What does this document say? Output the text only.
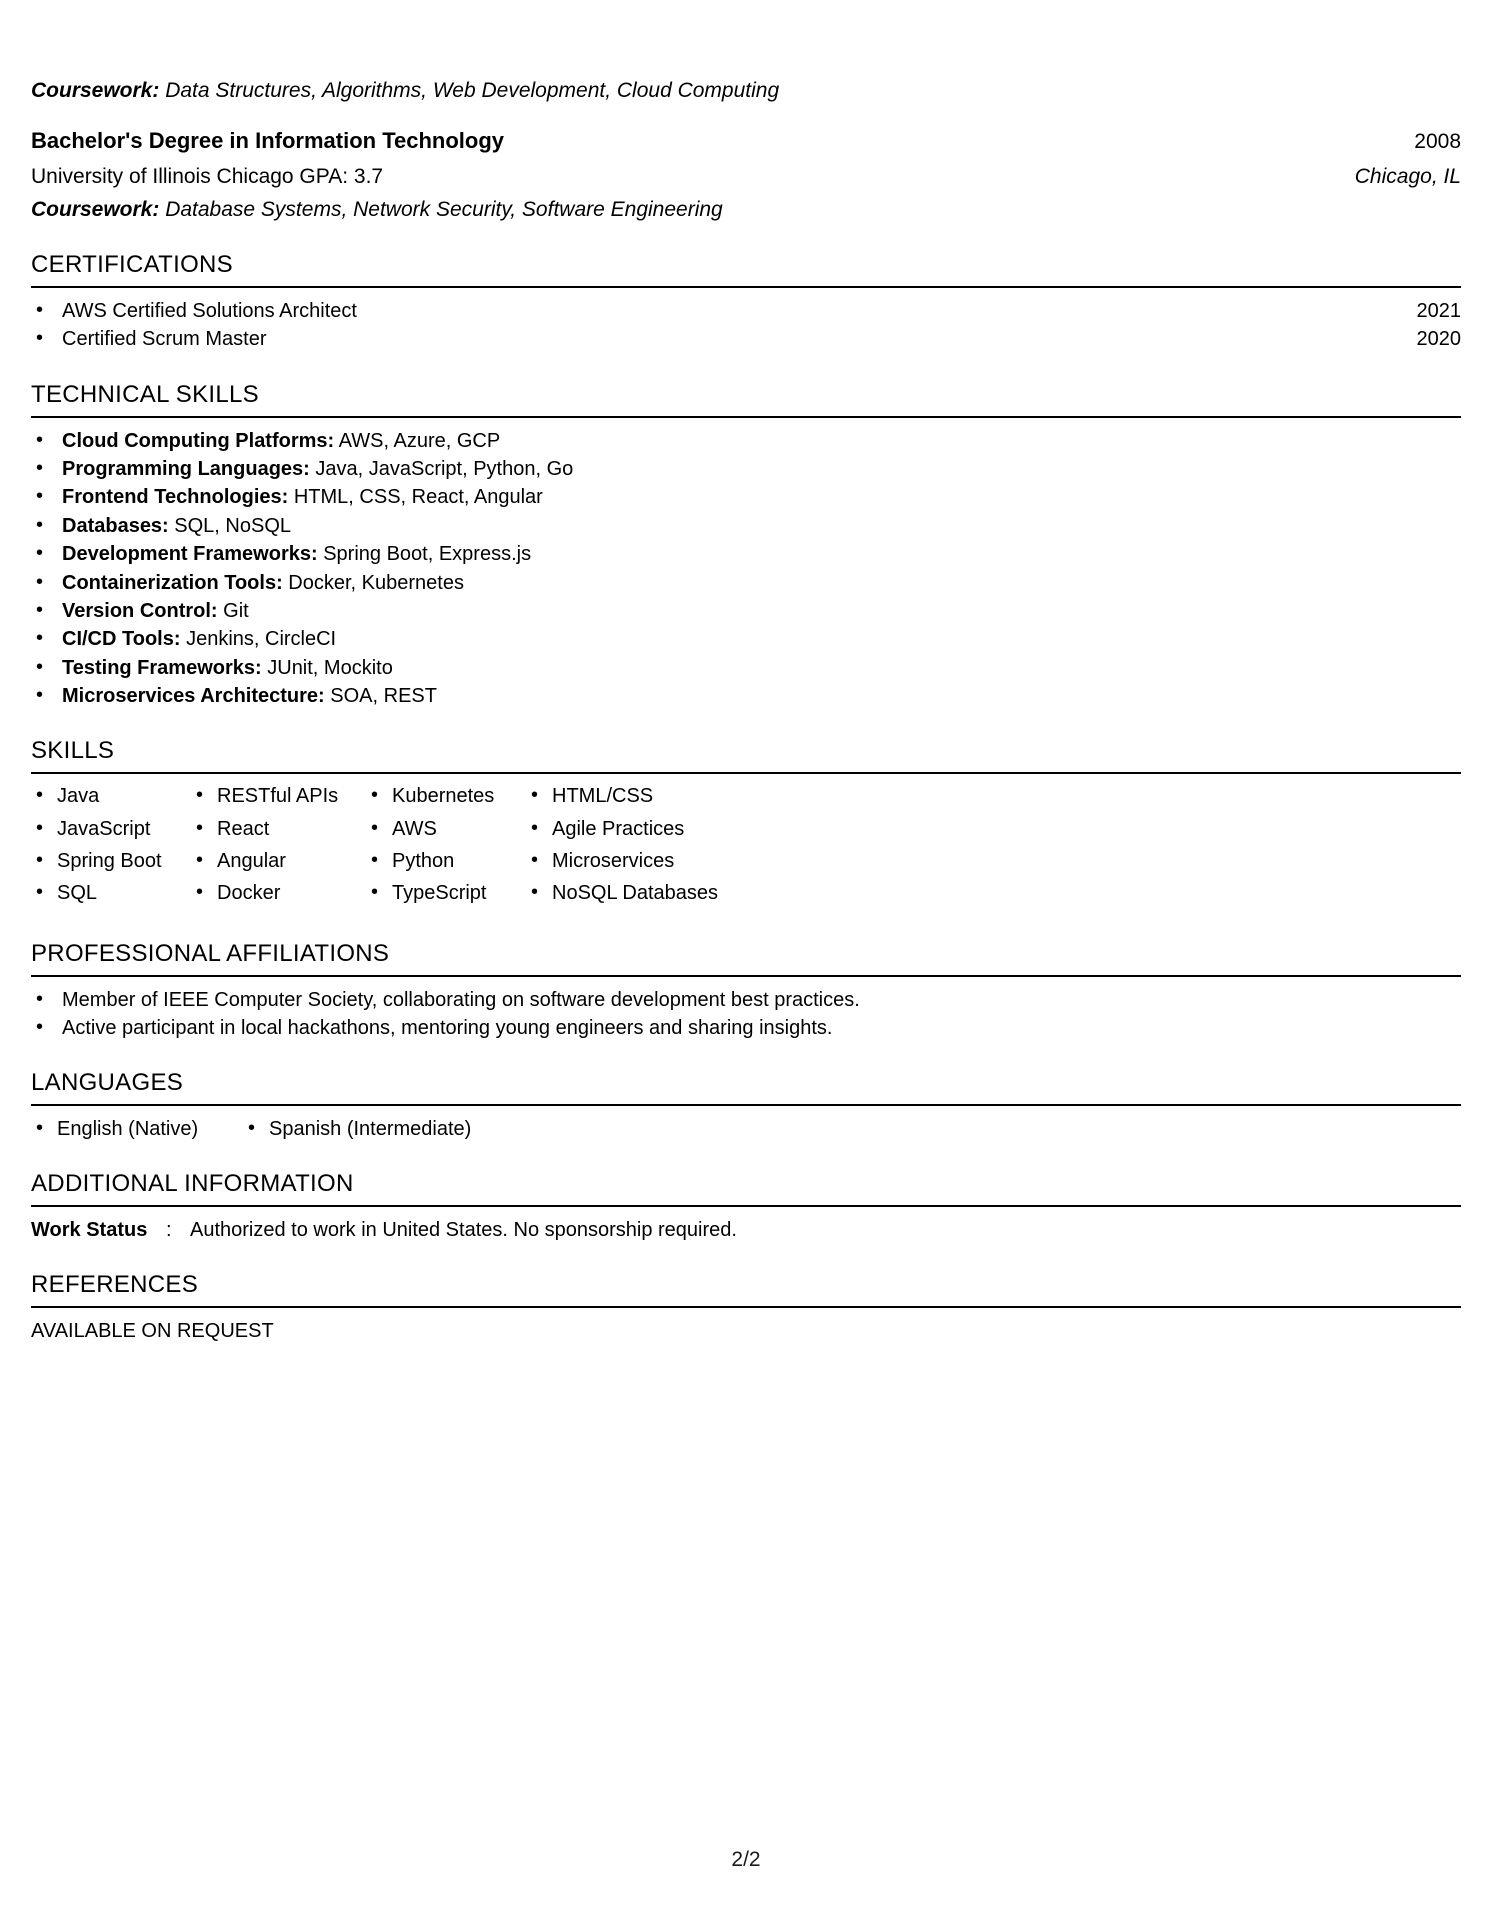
Coursework: Data Structures, Algorithms, Web Development, Cloud Computing
Bachelor's Degree in Information Technology	2008
University of Illinois Chicago GPA: 3.7	Chicago, IL
Coursework: Database Systems, Network Security, Software Engineering
CERTIFICATIONS
• AWS Certified Solutions Architect	2021
• Certified Scrum Master	2020
TECHNICAL SKILLS
• Cloud Computing Platforms: AWS, Azure, GCP
• Programming Languages: Java, JavaScript, Python, Go
• Frontend Technologies: HTML, CSS, React, Angular
• Databases: SQL, NoSQL
• Development Frameworks: Spring Boot, Express.js
• Containerization Tools: Docker, Kubernetes
• Version Control: Git
• CI/CD Tools: Jenkins, CircleCI
• Testing Frameworks: JUnit, Mockito
• Microservices Architecture: SOA, REST
SKILLS
• Java	• RESTful APIs	• Kubernetes	• HTML/CSS
• JavaScript	• React	• AWS	• Agile Practices
• Spring Boot	• Angular	• Python	• Microservices
• SQL	• Docker	• TypeScript	• NoSQL Databases
PROFESSIONAL AFFILIATIONS
• Member of IEEE Computer Society, collaborating on software development best practices.
• Active participant in local hackathons, mentoring young engineers and sharing insights.
LANGUAGES
• English (Native)	• Spanish (Intermediate)
ADDITIONAL INFORMATION
Work Status : Authorized to work in United States. No sponsorship required.
REFERENCES
AVAILABLE ON REQUEST
2/2
